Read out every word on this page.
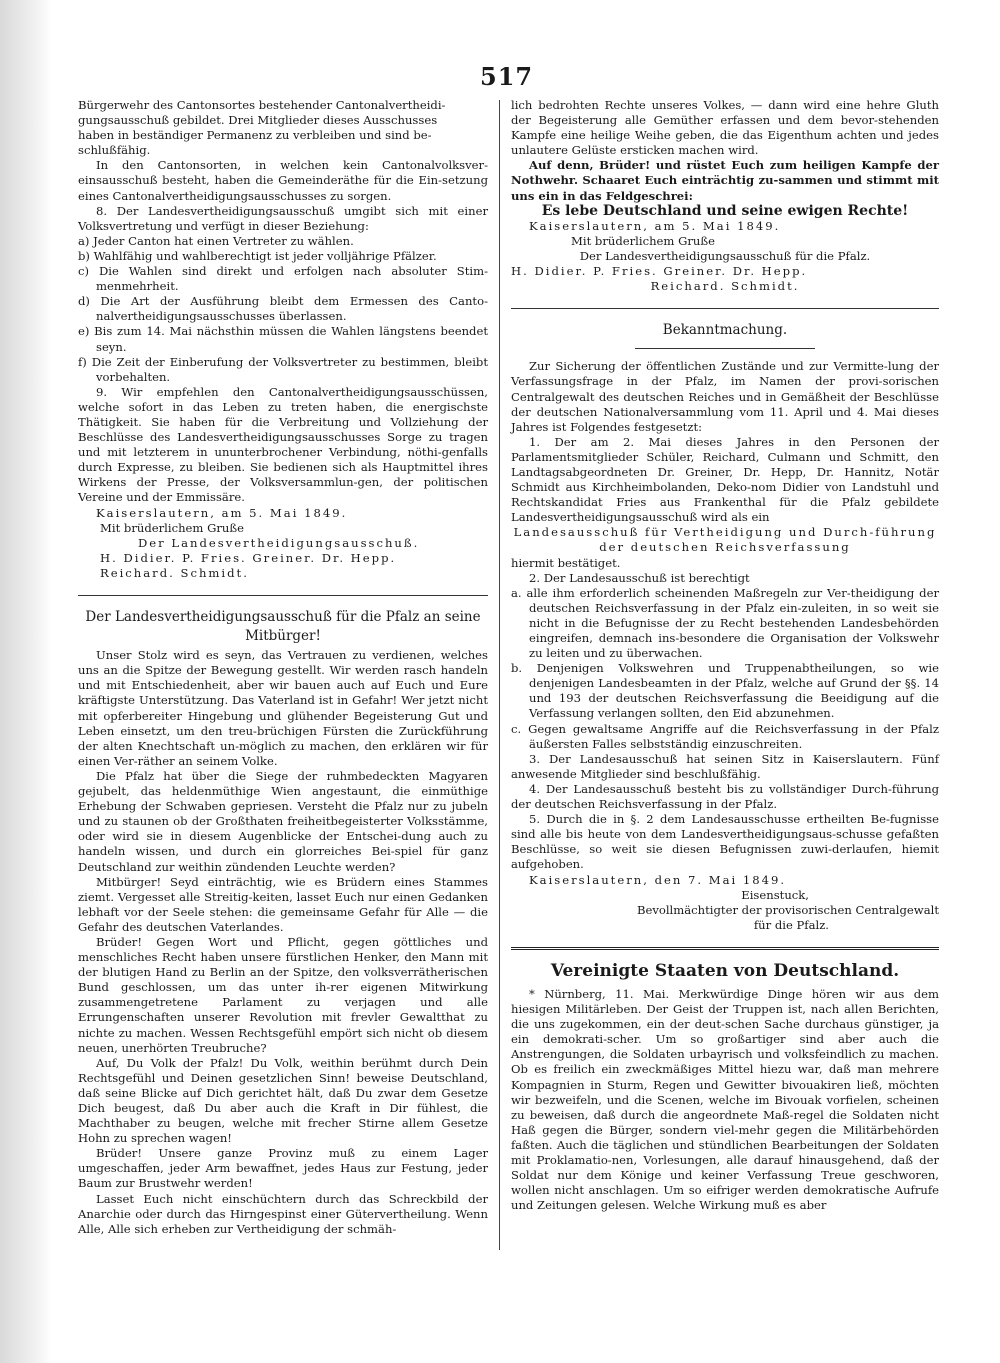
517

Bürgerwehr des Cantonsortes bestehender Cantonalvertheidi-

gungsausschuß gebildet. Drei Mitglieder dieses Ausschusses

haben in beständiger Permanenz zu verbleiben und sind be-

schlußfähig.

In den Cantonsorten, in welchen kein Cantonalvolksver-einsausschuß besteht, haben die Gemeinderäthe für die Ein-setzung eines Cantonalvertheidigungsausschusses zu sorgen.

8. Der Landesvertheidigungsausschuß umgibt sich mit einer Volksvertretung und verfügt in dieser Beziehung:

a) Jeder Canton hat einen Vertreter zu wählen.

b) Wahlfähig und wahlberechtigt ist jeder volljährige Pfälzer.

c) Die Wahlen sind direkt und erfolgen nach absoluter Stim-menmehrheit.

d) Die Art der Ausführung bleibt dem Ermessen des Canto-nalvertheidigungsausschusses überlassen.

e) Bis zum 14. Mai nächsthin müssen die Wahlen längstens beendet seyn.

f) Die Zeit der Einberufung der Volksvertreter zu bestimmen, bleibt vorbehalten.

9. Wir empfehlen den Cantonalvertheidigungsausschüssen, welche sofort in das Leben zu treten haben, die energischste Thätigkeit. Sie haben für die Verbreitung und Vollziehung der Beschlüsse des Landesvertheidigungsausschusses Sorge zu tragen und mit letzterem in ununterbrochener Verbindung, nöthi-genfalls durch Expresse, zu bleiben. Sie bedienen sich als Hauptmittel ihres Wirkens der Presse, der Volksversammlun-gen, der politischen Vereine und der Emmissäre.

Kaiserslautern, am 5. Mai 1849.

Mit brüderlichem Gruße

Der Landesvertheidigungsausschuß.

H. Didier. P. Fries. Greiner. Dr. Hepp.

Reichard. Schmidt.

Der Landesvertheidigungsausschuß für die Pfalz an seine

Mitbürger!

Unser Stolz wird es seyn, das Vertrauen zu verdienen, welches uns an die Spitze der Bewegung gestellt. Wir werden rasch handeln und mit Entschiedenheit, aber wir bauen auch auf Euch und Eure kräftigste Unterstützung. Das Vaterland ist in Gefahr! Wer jetzt nicht mit opferbereiter Hingebung und glühender Begeisterung Gut und Leben einsetzt, um den treu-brüchigen Fürsten die Zurückführung der alten Knechtschaft un-möglich zu machen, den erklären wir für einen Ver-räther an seinem Volke.

Die Pfalz hat über die Siege der ruhmbedeckten Magyaren gejubelt, das heldenmüthige Wien angestaunt, die einmüthige Erhebung der Schwaben gepriesen. Versteht die Pfalz nur zu jubeln und zu staunen ob der Großthaten freiheitbegeisterter Volksstämme, oder wird sie in diesem Augenblicke der Entschei-dung auch zu handeln wissen, und durch ein glorreiches Bei-spiel für ganz Deutschland zur weithin zündenden Leuchte werden?

Mitbürger! Seyd einträchtig, wie es Brüdern eines Stammes ziemt. Vergesset alle Streitig-keiten, lasset Euch nur einen Gedanken lebhaft vor der Seele stehen: die gemeinsame Gefahr für Alle — die Gefahr des deutschen Vaterlandes.

Brüder! Gegen Wort und Pflicht, gegen göttliches und menschliches Recht haben unsere fürstlichen Henker, den Mann mit der blutigen Hand zu Berlin an der Spitze, den volksverrätherischen Bund geschlossen, um das unter ih-rer eigenen Mitwirkung zusammengetretene Parlament zu verjagen und alle Errungenschaften unserer Revolution mit frevler Gewaltthat zu nichte zu machen. Wessen Rechtsgefühl empört sich nicht ob diesem neuen, unerhörten Treubruche?

Auf, Du Volk der Pfalz! Du Volk, weithin berühmt durch Dein Rechtsgefühl und Deinen gesetzlichen Sinn! beweise Deutschland, daß seine Blicke auf Dich gerichtet hält, daß Du zwar dem Gesetze Dich beugest, daß Du aber auch die Kraft in Dir fühlest, die Machthaber zu beugen, welche mit frecher Stirne allem Gesetze Hohn zu sprechen wagen!

Brüder! Unsere ganze Provinz muß zu einem Lager umgeschaffen, jeder Arm bewaffnet, jedes Haus zur Festung, jeder Baum zur Brustwehr werden!

Lasset Euch nicht einschüchtern durch das Schreckbild der Anarchie oder durch das Hirngespinst einer Gütervertheilung. Wenn Alle, Alle sich erheben zur Vertheidigung der schmäh-

lich bedrohten Rechte unseres Volkes, — dann wird eine hehre Gluth der Begeisterung alle Gemüther erfassen und dem bevor-stehenden Kampfe eine heilige Weihe geben, die das Eigenthum achten und jedes unlautere Gelüste ersticken machen wird.

Auf denn, Brüder! und rüstet Euch zum heiligen Kampfe der Nothwehr. Schaaret Euch einträchtig zu-sammen und stimmt mit uns ein in das Feldgeschrei:

Es lebe Deutschland und seine ewigen Rechte!

Kaiserslautern, am 5. Mai 1849.

Mit brüderlichem Gruße

Der Landesvertheidigungsausschuß für die Pfalz.

H. Didier. P. Fries. Greiner. Dr. Hepp.

Reichard. Schmidt.

Bekanntmachung.

Zur Sicherung der öffentlichen Zustände und zur Vermitte-lung der Verfassungsfrage in der Pfalz, im Namen der provi-sorischen Centralgewalt des deutschen Reiches und in Gemäßheit der Beschlüsse der deutschen Nationalversammlung vom 11. April und 4. Mai dieses Jahres ist Folgendes festgesetzt:

1. Der am 2. Mai dieses Jahres in den Personen der Parlamentsmitglieder Schüler, Reichard, Culmann und Schmitt, den Landtagsabgeordneten Dr. Greiner, Dr. Hepp, Dr. Hannitz, Notär Schmidt aus Kirchheimbolanden, Deko-nom Didier von Landstuhl und Rechtskandidat Fries aus Frankenthal für die Pfalz gebildete Landesvertheidigungsausschuß wird als ein

Landesausschuß für Vertheidigung und Durch-führung der deutschen Reichsverfassung

hiermit bestätiget.

2. Der Landesausschuß ist berechtigt

a. alle ihm erforderlich scheinenden Maßregeln zur Ver-theidigung der deutschen Reichsverfassung in der Pfalz ein-zuleiten, in so weit sie nicht in die Befugnisse der zu Recht bestehenden Landesbehörden eingreifen, demnach ins-besondere die Organisation der Volkswehr zu leiten und zu überwachen.

b. Denjenigen Volkswehren und Truppenabtheilungen, so wie denjenigen Landesbeamten in der Pfalz, welche auf Grund der §§. 14 und 193 der deutschen Reichsverfassung die Beeidigung auf die Verfassung verlangen sollten, den Eid abzunehmen.

c. Gegen gewaltsame Angriffe auf die Reichsverfassung in der Pfalz äußersten Falles selbstständig einzuschreiten.

3. Der Landesausschuß hat seinen Sitz in Kaiserslautern. Fünf anwesende Mitglieder sind beschlußfähig.

4. Der Landesausschuß besteht bis zu vollständiger Durch-führung der deutschen Reichsverfassung in der Pfalz.

5. Durch die in §. 2 dem Landesausschusse ertheilten Be-fugnisse sind alle bis heute von dem Landesvertheidigungsaus-schusse gefaßten Beschlüsse, so weit sie diesen Befugnissen zuwi-derlaufen, hiemit aufgehoben.

Kaiserslautern, den 7. Mai 1849.

Eisenstuck,

Bevollmächtigter der provisorischen Centralgewalt

für die Pfalz.

Vereinigte Staaten von Deutschland.

* Nürnberg, 11. Mai. Merkwürdige Dinge hören wir aus dem hiesigen Militärleben. Der Geist der Truppen ist, nach allen Berichten, die uns zugekommen, ein der deut-schen Sache durchaus günstiger, ja ein demokrati-scher. Um so großartiger sind aber auch die Anstrengungen, die Soldaten urbayrisch und volksfeindlich zu machen. Ob es freilich ein zweckmäßiges Mittel hiezu war, daß man mehrere Kompagnien in Sturm, Regen und Gewitter bivouakiren ließ, möchten wir bezweifeln, und die Scenen, welche im Bivouak vorfielen, scheinen zu beweisen, daß durch die angeordnete Maß-regel die Soldaten nicht Haß gegen die Bürger, sondern viel-mehr gegen die Militärbehörden faßten. Auch die täglichen und stündlichen Bearbeitungen der Soldaten mit Proklamatio-nen, Vorlesungen, alle darauf hinausgehend, daß der Soldat nur dem Könige und keiner Verfassung Treue geschworen, wollen nicht anschlagen. Um so eifriger werden demokratische Aufrufe und Zeitungen gelesen. Welche Wirkung muß es aber
